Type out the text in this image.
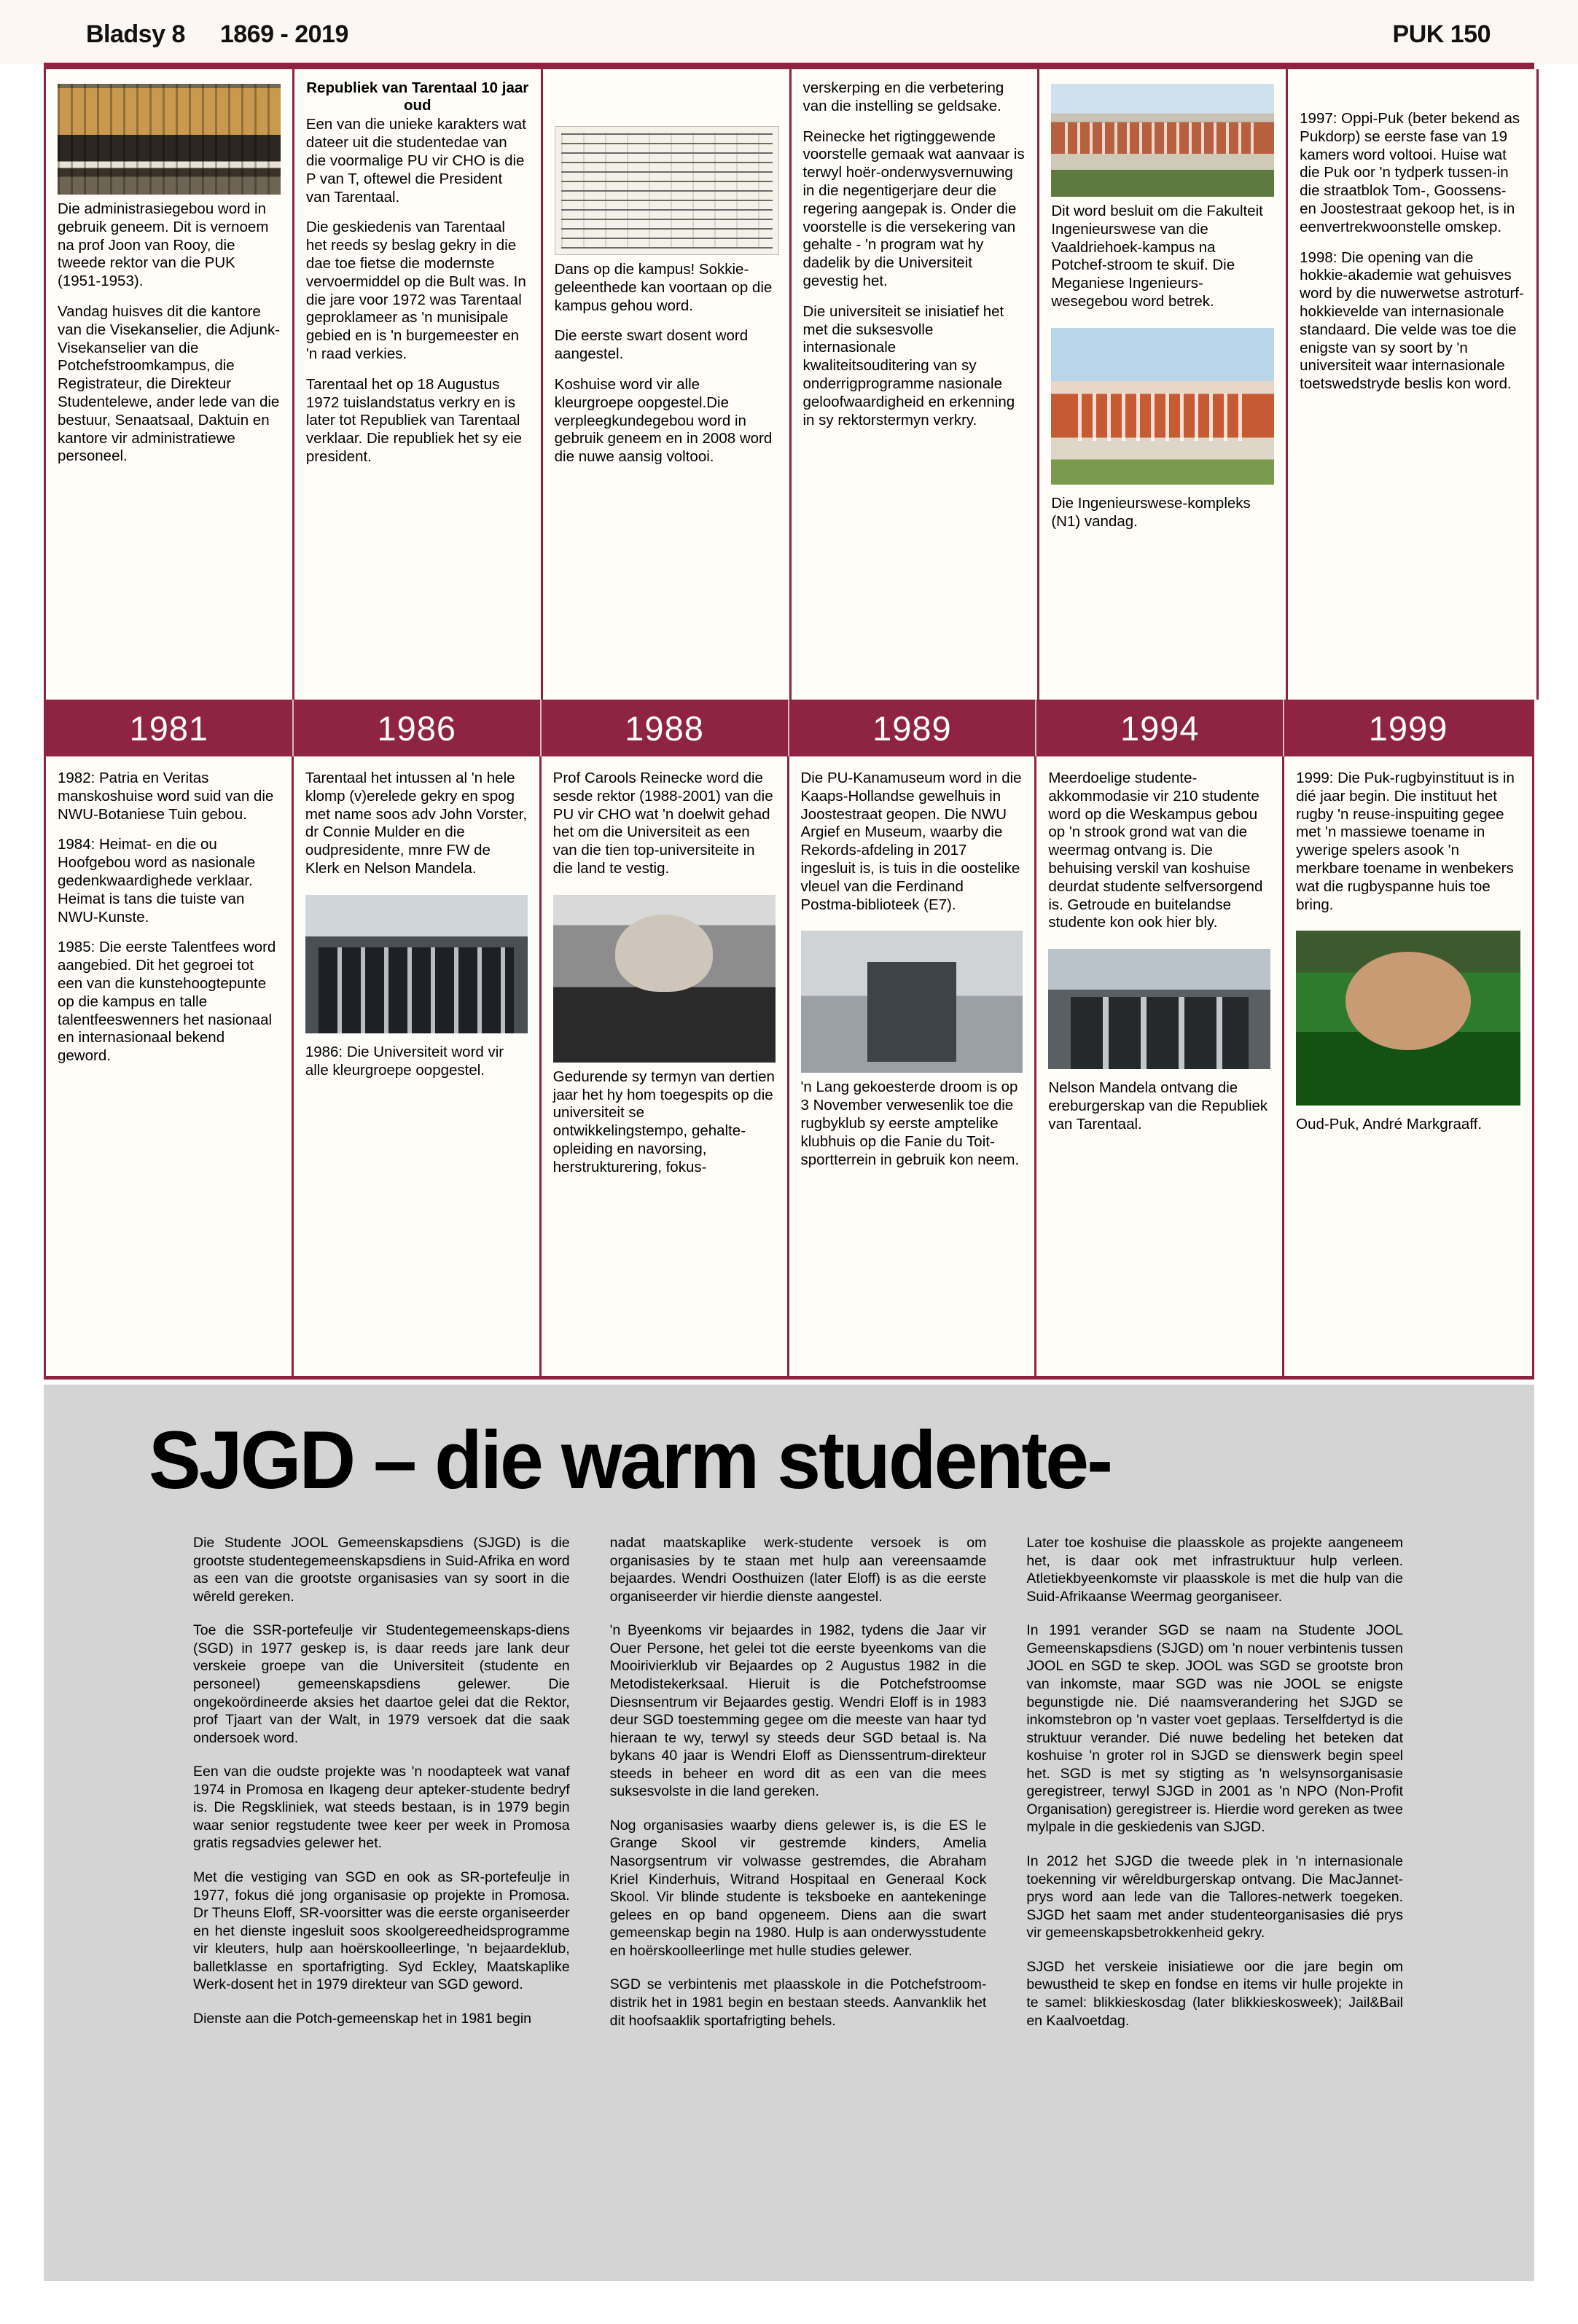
Bladsy 8 1869 - 2019	PUK 150

Die administrasiegebou word in gebruik geneem. Dit is vernoem na prof Joon van Rooy, die tweede rektor van die PUK (1951-1953).

Vandag huisves dit die kantore van die Visekanselier, die Adjunk-Visekanselier van die Potchefstroomkampus, die Registrateur, die Direkteur Studentelewe, ander lede van die bestuur, Senaatsaal, Daktuin en kantore vir administratiewe personeel.

Republiek van Tarentaal 10 jaar oud

Een van die unieke karakters wat dateer uit die studentedae van die voormalige PU vir CHO is die P van T, oftewel die President van Tarentaal.

Die geskiedenis van Tarentaal het reeds sy beslag gekry in die dae toe fietse die modernste vervoermiddel op die Bult was. In die jare voor 1972 was Tarentaal geproklameer as 'n munisipale gebied en is 'n burgemeester en 'n raad verkies.

Tarentaal het op 18 Augustus 1972 tuislandstatus verkry en is later tot Republiek van Tarentaal verklaar. Die republiek het sy eie president.

Dans op die kampus! Sokkie-geleenthede kan voortaan op die kampus gehou word.

Die eerste swart dosent word aangestel.

Koshuise word vir alle kleurgroepe oopgestel.Die verpleegkundegebou word in gebruik geneem en in 2008 word die nuwe aansig voltooi.

verskerping en die verbetering van die instelling se geldsake.

Reinecke het rigtinggewende voorstelle gemaak wat aanvaar is terwyl hoër-onderwysvernuwing in die negentigerjare deur die regering aangepak is. Onder die voorstelle is die versekering van gehalte - 'n program wat hy dadelik by die Universiteit gevestig het.

Die universiteit se inisiatief het met die suksesvolle internasionale kwaliteitsouditering van sy onderrigprogramme nasionale geloofwaardigheid en erkenning in sy rektorstermyn verkry.

Dit word besluit om die Fakulteit Ingenieurswese van die Vaaldriehoek-kampus na Potchef-stroom te skuif. Die Meganiese Ingenieurs-wesegebou word betrek.

Die Ingenieurswese-kompleks (N1) vandag.

1997: Oppi-Puk (beter bekend as Pukdorp) se eerste fase van 19 kamers word voltooi. Huise wat die Puk oor 'n tydperk tussen-in die straatblok Tom-, Goossens- en Joostestraat gekoop het, is in eenvertrekwoonstelle omskep.

1998: Die opening van die hokkie-akademie wat gehuisves word by die nuwerwetse astroturf-hokkievelde van internasionale standaard. Die velde was toe die enigste van sy soort by 'n universiteit waar internasionale toetswedstryde beslis kon word.

1981	1986	1988	1989	1994	1999

1982: Patria en Veritas manskoshuise word suid van die NWU-Botaniese Tuin gebou.

1984: Heimat- en die ou Hoofgebou word as nasionale gedenkwaardighede verklaar. Heimat is tans die tuiste van NWU-Kunste.

1985: Die eerste Talentfees word aangebied. Dit het gegroei tot een van die kunstehoogtepunte op die kampus en talle talentfeeswenners het nasionaal en internasionaal bekend geword.

Tarentaal het intussen al 'n hele klomp (v)erelede gekry en spog met name soos adv John Vorster, dr Connie Mulder en die oudpresidente, mnre FW de Klerk en Nelson Mandela.

1986: Die Universiteit word vir alle kleurgroepe oopgestel.

Prof Carools Reinecke word die sesde rektor (1988-2001) van die PU vir CHO wat 'n doelwit gehad het om die Universiteit as een van die tien top-universiteite in die land te vestig.

Gedurende sy termyn van dertien jaar het hy hom toegespits op die universiteit se ontwikkelingstempo, gehalte-opleiding en navorsing, herstrukturering, fokus-

Die PU-Kanamuseum word in die Kaaps-Hollandse gewelhuis in Joostestraat geopen. Die NWU Argief en Museum, waarby die Rekords-afdeling in 2017 ingesluit is, is tuis in die oostelike vleuel van die Ferdinand Postma-biblioteek (E7).

'n Lang gekoesterde droom is op 3 November verwesenlik toe die rugbyklub sy eerste amptelike klubhuis op die Fanie du Toit-sportterrein in gebruik kon neem.

Meerdoelige studente-akkommodasie vir 210 studente word op die Weskampus gebou op 'n strook grond wat van die weermag ontvang is. Die behuising verskil van koshuise deurdat studente selfversorgend is. Getroude en buitelandse studente kon ook hier bly.

Nelson Mandela ontvang die ereburgerskap van die Republiek van Tarentaal.

1999: Die Puk-rugbyinstituut is in dié jaar begin. Die instituut het rugby 'n reuse-inspuiting gegee met 'n massiewe toename in ywerige spelers asook 'n merkbare toename in wenbekers wat die rugbyspanne huis toe bring.

Oud-Puk, André Markgraaff.

SJGD – die warm studente-

Die Studente JOOL Gemeenskapsdiens (SJGD) is die grootste studentegemeenskapsdiens in Suid-Afrika en word as een van die grootste organisasies van sy soort in die wêreld gereken.

Toe die SSR-portefeulje vir Studentegemeenskaps-diens (SGD) in 1977 geskep is, is daar reeds jare lank deur verskeie groepe van die Universiteit (studente en personeel) gemeenskapsdiens gelewer. Die ongekoördineerde aksies het daartoe gelei dat die Rektor, prof Tjaart van der Walt, in 1979 versoek dat die saak ondersoek word.

Een van die oudste projekte was 'n noodapteek wat vanaf 1974 in Promosa en Ikageng deur apteker-studente bedryf is. Die Regskliniek, wat steeds bestaan, is in 1979 begin waar senior regstudente twee keer per week in Promosa gratis regsadvies gelewer het.

Met die vestiging van SGD en ook as SR-portefeulje in 1977, fokus dié jong organisasie op projekte in Promosa. Dr Theuns Eloff, SR-voorsitter was die eerste organiseerder en het dienste ingesluit soos skoolgereedheidsprogramme vir kleuters, hulp aan hoërskoolleerlinge, 'n bejaardeklub, balletklasse en sportafrigting. Syd Eckley, Maatskaplike Werk-dosent het in 1979 direkteur van SGD geword.

Dienste aan die Potch-gemeenskap het in 1981 begin

nadat maatskaplike werk-studente versoek is om organisasies by te staan met hulp aan vereensaamde bejaardes. Wendri Oosthuizen (later Eloff) is as die eerste organiseerder vir hierdie dienste aangestel.

'n Byeenkoms vir bejaardes in 1982, tydens die Jaar vir Ouer Persone, het gelei tot die eerste byeenkoms van die Mooirivierklub vir Bejaardes op 2 Augustus 1982 in die Metodistekerksaal. Hieruit is die Potchefstroomse Diesnsentrum vir Bejaardes gestig. Wendri Eloff is in 1983 deur SGD toestemming gegee om die meeste van haar tyd hieraan te wy, terwyl sy steeds deur SGD betaal is. Na bykans 40 jaar is Wendri Eloff as Dienssentrum-direkteur steeds in beheer en word dit as een van die mees suksesvolste in die land gereken.

Nog organisasies waarby diens gelewer is, is die ES le Grange Skool vir gestremde kinders, Amelia Nasorgsentrum vir volwasse gestremdes, die Abraham Kriel Kinderhuis, Witrand Hospitaal en Generaal Kock Skool. Vir blinde studente is teksboeke en aantekeninge gelees en op band opgeneem. Diens aan die swart gemeenskap begin na 1980. Hulp is aan onderwysstudente en hoërskoolleerlinge met hulle studies gelewer.

SGD se verbintenis met plaasskole in die Potchefstroom-distrik het in 1981 begin en bestaan steeds. Aanvanklik het dit hoofsaaklik sportafrigting behels.

Later toe koshuise die plaasskole as projekte aangeneem het, is daar ook met infrastruktuur hulp verleen. Atletiekbyeenkomste vir plaasskole is met die hulp van die Suid-Afrikaanse Weermag georganiseer.

In 1991 verander SGD se naam na Studente JOOL Gemeenskapsdiens (SJGD) om 'n nouer verbintenis tussen JOOL en SGD te skep. JOOL was SGD se grootste bron van inkomste, maar SGD was nie JOOL se enigste begunstigde nie. Dié naamsverandering het SJGD se inkomstebron op 'n vaster voet geplaas. Terselfdertyd is die struktuur verander. Dié nuwe bedeling het beteken dat koshuise 'n groter rol in SJGD se dienswerk begin speel het. SGD is met sy stigting as 'n welsynsorganisasie geregistreer, terwyl SJGD in 2001 as 'n NPO (Non-Profit Organisation) geregistreer is. Hierdie word gereken as twee mylpale in die geskiedenis van SJGD.

In 2012 het SJGD die tweede plek in 'n internasionale toekenning vir wêreldburgerskap ontvang. Die MacJannet-prys word aan lede van die Tallores-netwerk toegeken. SJGD het saam met ander studenteorganisasies dié prys vir gemeenskapsbetrokkenheid gekry.

SJGD het verskeie inisiatiewe oor die jare begin om bewustheid te skep en fondse en items vir hulle projekte in te samel: blikkieskosdag (later blikkieskosweek); Jail&Bail en Kaalvoetdag.
